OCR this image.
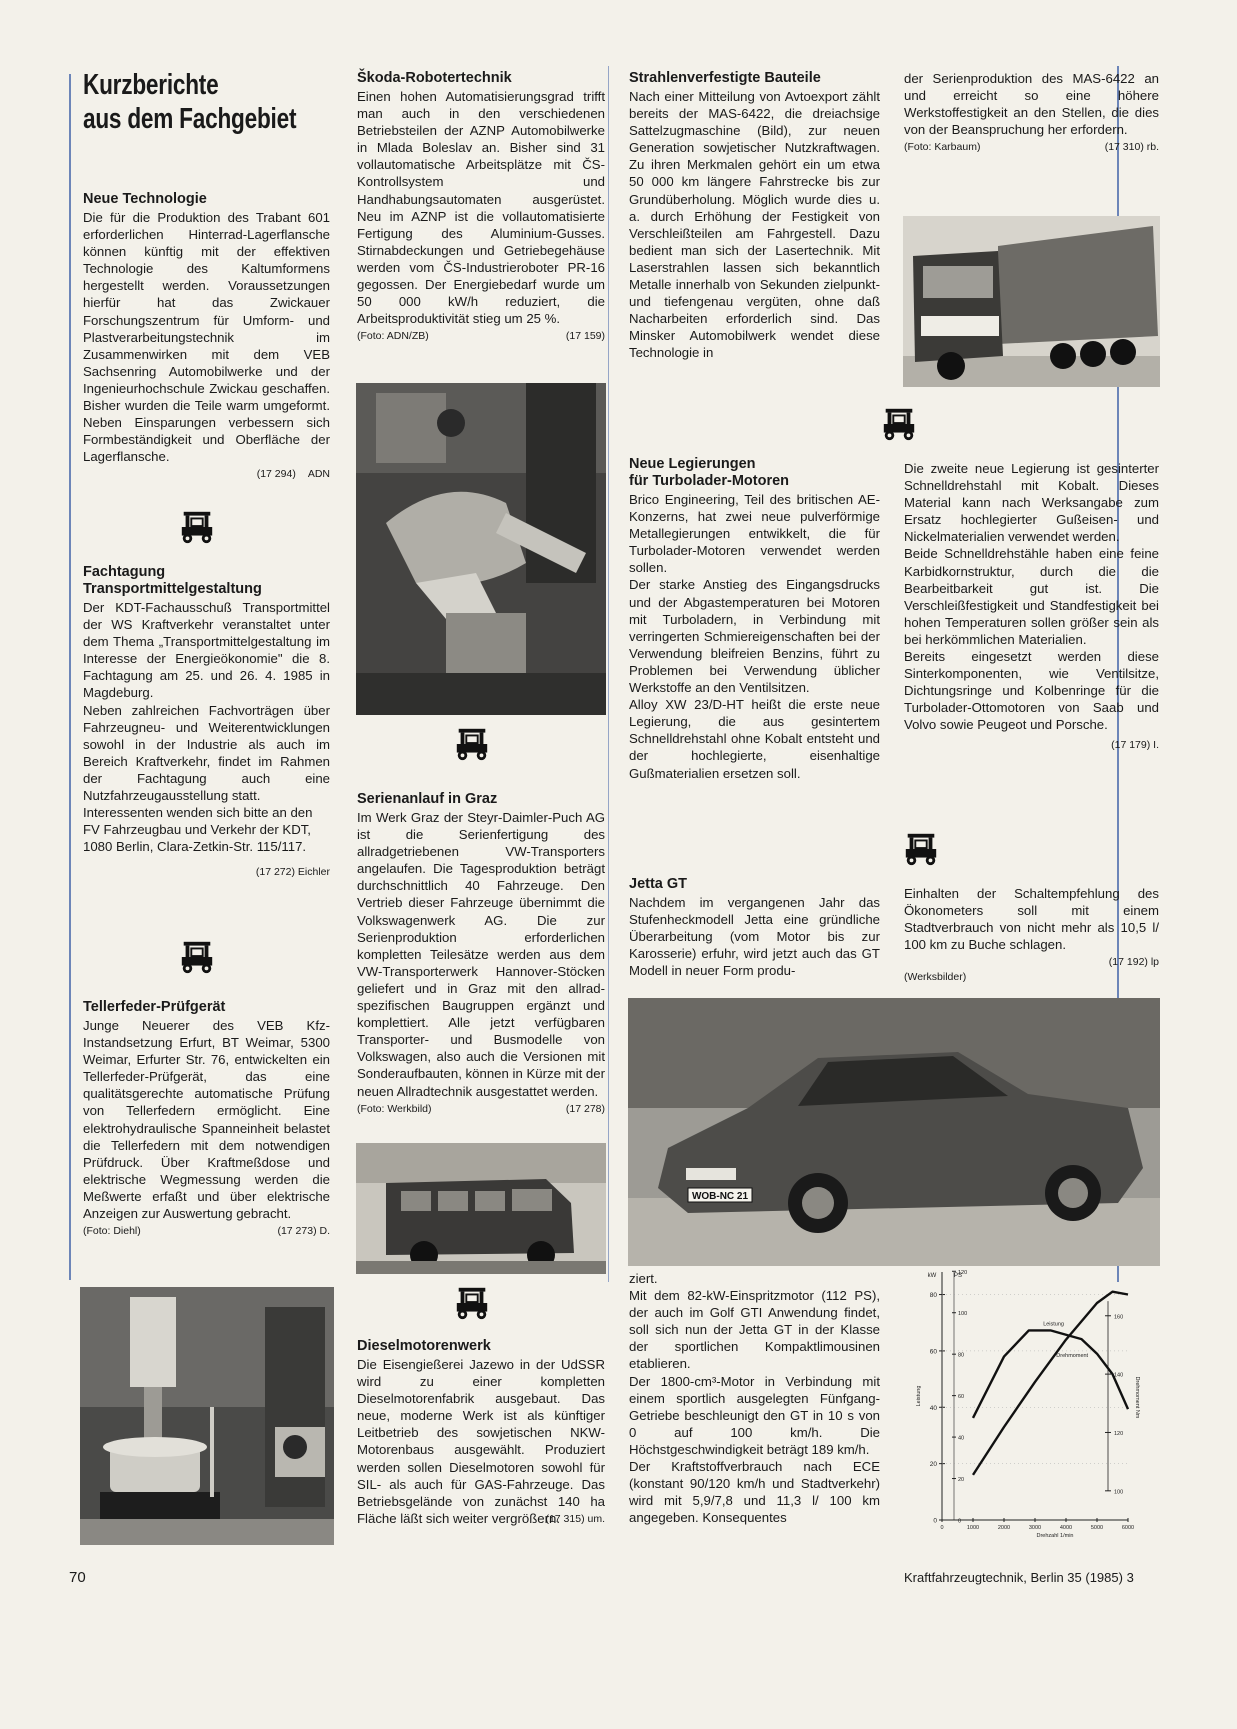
Kurzberichte
aus dem Fachgebiet
Neue Technologie

Die für die Produktion des Trabant 601 erforderlichen Hinterrad-Lagerflansche können künftig mit der effektiven Technologie des Kaltumformens hergestellt werden. Voraussetzungen hierfür hat das Zwickauer Forschungszentrum für Umform- und Plastverarbeitungstechnik im Zusammenwirken mit dem VEB Sachsenring Automobilwerke und der Ingenieurhochschule Zwickau geschaffen. Bisher wurden die Teile warm umgeformt. Neben Einsparungen verbessern sich Formbeständigkeit und Oberfläche der Lagerflansche.

(17 294) ADN
Fachtagung
Transportmittelgestaltung

Der KDT-Fachausschuß Transportmittel der WS Kraftverkehr veranstaltet unter dem Thema „Transportmittelgestaltung im Interesse der Energieökonomie" die 8. Fachtagung am 25. und 26. 4. 1985 in Magdeburg.

Neben zahlreichen Fachvorträgen über Fahrzeugneu- und Weiterentwicklungen sowohl in der Industrie als auch im Bereich Kraftverkehr, findet im Rahmen der Fachtagung auch eine Nutzfahrzeugausstellung statt.

Interessenten wenden sich bitte an den FV Fahrzeugbau und Verkehr der KDT, 1080 Berlin, Clara-Zetkin-Str. 115/117.

(17 272) Eichler
Tellerfeder-Prüfgerät

Junge Neuerer des VEB Kfz-Instandsetzung Erfurt, BT Weimar, 5300 Weimar, Erfurter Str. 76, entwickelten ein Tellerfeder-Prüfgerät, das eine qualitätsgerechte automatische Prüfung von Tellerfedern ermöglicht. Eine elektrohydraulische Spanneinheit belastet die Tellerfedern mit dem notwendigen Prüfdruck. Über Kraftmeßdose und elektrische Wegmessung werden die Meßwerte erfaßt und über elektrische Anzeigen zur Auswertung gebracht.

(Foto: Diehl)	(17 273) D.
Škoda-Robotertechnik

Einen hohen Automatisierungsgrad trifft man auch in den verschiedenen Betriebsteilen der AZNP Automobilwerke in Mlada Boleslav an. Bisher sind 31 vollautomatische Arbeitsplätze mit ČS-Kontrollsystem und Handhabungsautomaten ausgerüstet. Neu im AZNP ist die vollautomatisierte Fertigung des Aluminium-Gusses. Stirnabdeckungen und Getriebegehäuse werden vom ČS-Industrieroboter PR-16 gegossen. Der Energiebedarf wurde um 50 000 kW/h reduziert, die Arbeitsproduktivität stieg um 25 %.

(Foto: ADN/ZB)	(17 159)
Serienanlauf in Graz

Im Werk Graz der Steyr-Daimler-Puch AG ist die Serienfertigung des allradgetriebenen VW-Transporters angelaufen. Die Tagesproduktion beträgt durchschnittlich 40 Fahrzeuge. Den Vertrieb dieser Fahrzeuge übernimmt die Volkswagenwerk AG. Die zur Serienproduktion erforderlichen kompletten Teilesätze werden aus dem VW-Transporterwerk Hannover-Stöcken geliefert und in Graz mit den allrad-spezifischen Baugruppen ergänzt und komplettiert. Alle jetzt verfügbaren Transporter- und Busmodelle von Volkswagen, also auch die Versionen mit Sonderaufbauten, können in Kürze mit der neuen Allradtechnik ausgestattet werden.

(Foto: Werkbild)	(17 278)
Dieselmotorenwerk

Die Eisengießerei Jazewo in der UdSSR wird zu einer kompletten Dieselmotorenfabrik ausgebaut. Das neue, moderne Werk ist als künftiger Leitbetrieb des sowjetischen NKW-Motorenbaus ausgewählt. Produziert werden sollen Dieselmotoren sowohl für SIL- als auch für GAS-Fahrzeuge. Das Betriebsgelände von zunächst 140 ha Fläche läßt sich weiter vergrößern.

(17 315) um.
Strahlenverfestigte Bauteile

Nach einer Mitteilung von Avtoexport zählt bereits der MAS-6422, die dreiachsige Sattelzugmaschine (Bild), zur neuen Generation sowjetischer Nutzkraftwagen. Zu ihren Merkmalen gehört ein um etwa 50 000 km längere Fahrstrecke bis zur Grundüberholung. Möglich wurde dies u. a. durch Erhöhung der Festigkeit von Verschleißteilen am Fahrgestell. Dazu bedient man sich der Lasertechnik. Mit Laserstrahlen lassen sich bekanntlich Metalle innerhalb von Sekunden zielpunkt- und tiefengenau vergüten, ohne daß Nacharbeiten erforderlich sind. Das Minsker Automobilwerk wendet diese Technologie in

der Serienproduktion des MAS-6422 an und erreicht so eine höhere Werkstoffestigkeit an den Stellen, die dies von der Beanspruchung her erfordern.

(Foto: Karbaum)	(17 310) rb.
Neue Legierungen
für Turbolader-Motoren

Brico Engineering, Teil des britischen AE-Konzerns, hat zwei neue pulverförmige Metallegierungen entwikkelt, die für Turbolader-Motoren verwendet werden sollen.

Der starke Anstieg des Eingangsdrucks und der Abgastemperaturen bei Motoren mit Turboladern, in Verbindung mit verringerten Schmiereigenschaften bei der Verwendung bleifreien Benzins, führt zu Problemen bei Verwendung üblicher Werkstoffe an den Ventilsitzen.

Alloy XW 23/D-HT heißt die erste neue Legierung, die aus gesintertem Schnelldrehstahl ohne Kobalt entsteht und der hochlegierte, eisenhaltige Gußmaterialien ersetzen soll.

Die zweite neue Legierung ist gesinterter Schnelldrehstahl mit Kobalt. Dieses Material kann nach Werksangabe zum Ersatz hochlegierter Gußeisen- und Nickelmaterialien verwendet werden.

Beide Schnelldrehstähle haben eine feine Karbidkornstruktur, durch die die Bearbeitbarkeit gut ist. Die Verschleißfestigkeit und Standfestigkeit bei hohen Temperaturen sollen größer sein als bei herkömmlichen Materialien.

Bereits eingesetzt werden diese Sinterkomponenten, wie Ventilsitze, Dichtungsringe und Kolbenringe für die Turbolader-Ottomotoren von Saab und Volvo sowie Peugeot und Porsche.

(17 179) I.
Jetta GT

Nachdem im vergangenen Jahr das Stufenheckmodell Jetta eine gründliche Überarbeitung (vom Motor bis zur Karosserie) erfuhr, wird jetzt auch das GT Modell in neuer Form produ-

Einhalten der Schaltempfehlung des Ökonometers soll mit einem Stadtverbrauch von nicht mehr als 10,5 l/ 100 km zu Buche schlagen.

(17 192) lp
(Werksbilder)
WOB-NC 21

ziert.

Mit dem 82-kW-Einspritzmotor (112 PS), der auch im Golf GTI Anwendung findet, soll sich nun der Jetta GT in der Klasse der sportlichen Kompaktlimousinen etablieren.

Der 1800-cm³-Motor in Verbindung mit einem sportlich ausgelegten Fünfgang-Getriebe beschleunigt den GT in 10 s von 0 auf 100 km/h. Die Höchstgeschwindigkeit beträgt 189 km/h.

Der Kraftstoffverbrauch nach ECE (konstant 90/120 km/h und Stadtverkehr) wird mit 5,9/7,8 und 11,3 l/ 100 km angegeben. Konsequentes	0
20
40
60
80
0
20
40
60
80
100
120
100
120
140
160
0	1000	2000	3000	4000	5000	6000
kW	PS
Leistung	Drehmoment Nm
Drehzahl 1/min
Leistung
Drehmoment
70	Kraftfahrzeugtechnik, Berlin 35 (1985) 3
